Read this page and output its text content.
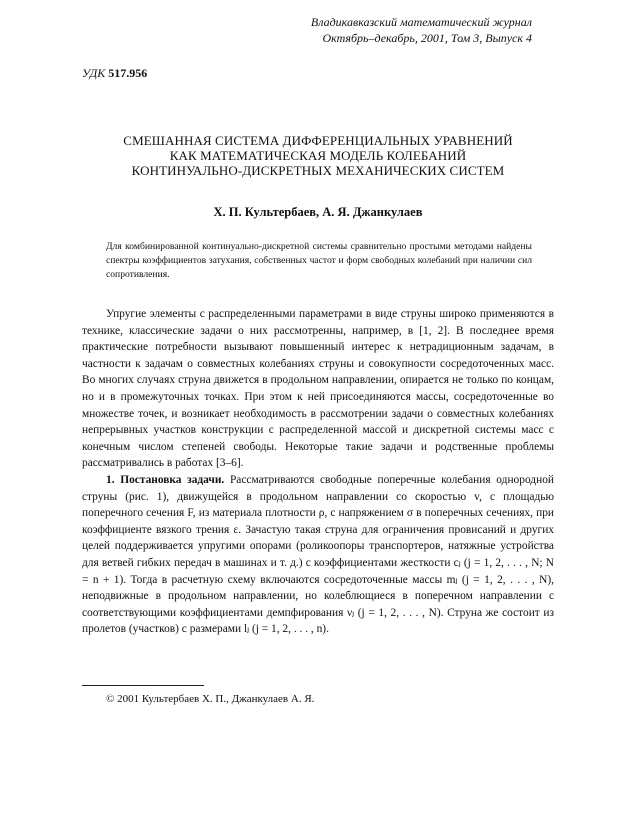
Владикавказский математический журнал
Октябрь–декабрь, 2001, Том 3, Выпуск 4
УДК 517.956
СМЕШАННАЯ СИСТЕМА ДИФФЕРЕНЦИАЛЬНЫХ УРАВНЕНИЙ
КАК МАТЕМАТИЧЕСКАЯ МОДЕЛЬ КОЛЕБАНИЙ
КОНТИНУАЛЬНО-ДИСКРЕТНЫХ МЕХАНИЧЕСКИХ СИСТЕМ
Х. П. Культербаев, А. Я. Джанкулаев
Для комбинированной континуально-дискретной системы сравнительно простыми методами найдены спектры коэффициентов затухания, собственных частот и форм свободных колебаний при наличии сил сопротивления.

Упругие элементы с распределенными параметрами в виде струны широко применяются в технике, классические задачи о них рассмотренны, например, в [1, 2]. В последнее время практические потребности вызывают повышенный интерес к нетрадиционным задачам, в частности к задачам о совместных колебаниях струны и совокупности сосредоточенных масс. Во многих случаях струна движется в продольном направлении, опирается не только по концам, но и в промежуточных точках. При этом к ней присоединяются массы, сосредоточенные во множестве точек, и возникает необходимость в рассмотрении задачи о совместных колебаниях непрерывных участков конструкции с распределенной массой и дискретной системы масс с конечным числом степеней свободы. Некоторые такие задачи и родственные проблемы рассматривались в работах [3–6].

1. Постановка задачи. Рассматриваются свободные поперечные колебания однородной струны (рис. 1), движущейся в продольном направлении со скоростью v, с площадью поперечного сечения F, из материала плотности ρ, с напряжением σ в поперечных сечениях, при коэффициенте вязкого трения ε. Зачастую такая струна для ограничения провисаний и других целей поддерживается упругими опорами (роликоопоры транспортеров, натяжные устройства для ветвей гибких передач в машинах и т. д.) с коэффициентами жесткости cⱼ (j = 1, 2, . . . , N; N = n + 1). Тогда в расчетную схему включаются сосредоточенные массы mⱼ (j = 1, 2, . . . , N), неподвижные в продольном направлении, но колеблющиеся в поперечном направлении с соответствующими коэффициентами демпфирования νⱼ (j = 1, 2, . . . , N). Струна же состоит из пролетов (участков) с размерами lⱼ (j = 1, 2, . . . , n).

© 2001 Культербаев Х. П., Джанкулаев А. Я.
